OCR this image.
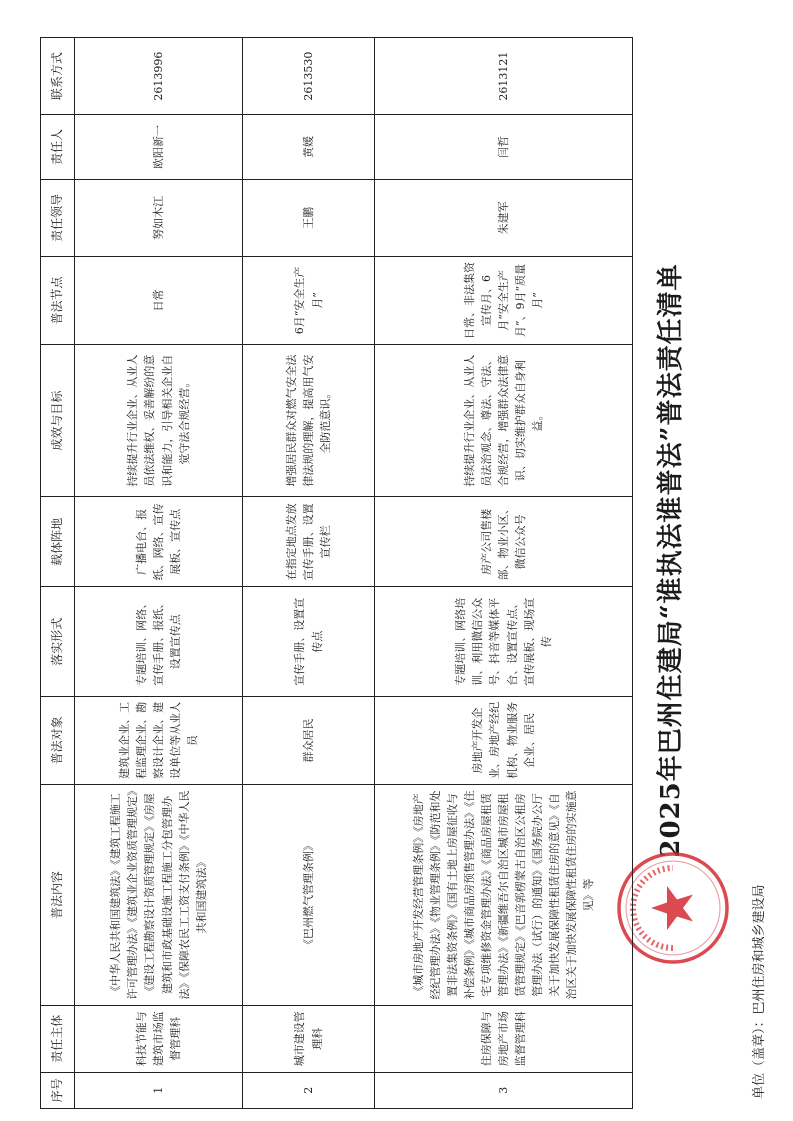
2025年巴州住建局“谁执法谁普法”普法责任清单
单位（盖章）：巴州住房和城乡建设局
序号	责任主体	普法内容	普法对象	落实形式	载体阵地	成效与目标	普法节点	责任领导	责任人	联系方式
1	科技节能与建筑市场监督管理科	《中华人民共和国建筑法》《建筑工程施工许可管理办法》《建筑业企业资质管理规定》《建设工程勘察设计资质管理规定》《房屋建筑和市政基础设施工程施工分包管理办法》《保障农民工工资支付条例》《中华人民共和国建筑法》	建筑业企业、工程监理企业、勘察设计企业、建设单位等从业人员	专题培训、网络、宣传手册、报纸、设置宣传点	广播电台、报纸、网络、宣传展板、宣传点	持续提升行业企业、从业人员依法维权、妥善解纷的意识和能力，引导相关企业自觉守法合规经营。	日常	努如木江	欧阳新一	2613996
2	城市建设管理科	《巴州燃气管理条例》	群众居民	宣传手册、设置宣传点	在指定地点发放宣传手册、设置宣传栏	增强居民群众对燃气安全法律法规的理解，提高用气安全防范意识。	6月“安全生产月”	王鹏	黄媛	2613530
3	住房保障与房地产市场监督管理科	《城市房地产开发经营管理条例》《房地产经纪管理办法》《物业管理条例》《防范和处置非法集资条例》《国有土地上房屋征收与补偿条例》《城市商品房预售管理办法》《住宅专项维修资金管理办法》《商品房屋租赁管理办法》《新疆维吾尔自治区城市房屋租赁管理规定》《巴音郭楞蒙古自治区公租房管理办法（试行）的通知》《国务院办公厅关于加快发展保障性租赁住房的意见》《自治区关于加快发展保障性租赁住房的实施意见》等	房地产开发企业、房地产经纪机构、物业服务企业、居民	专题培训、网络培训、利用微信公众号、抖音等媒体平台、设置宣传点、宣传展板、现场宣传	房产公司售楼部、物业小区、微信公众号	持续提升行业企业、从业人员法治观念、尊法、守法、合规经营，增强群众法律意识、切实维护群众自身利益。	日常、非法集资宣传月、6月“安全生产月”、9月“质量月”	朱建军	闫哲	2613121
